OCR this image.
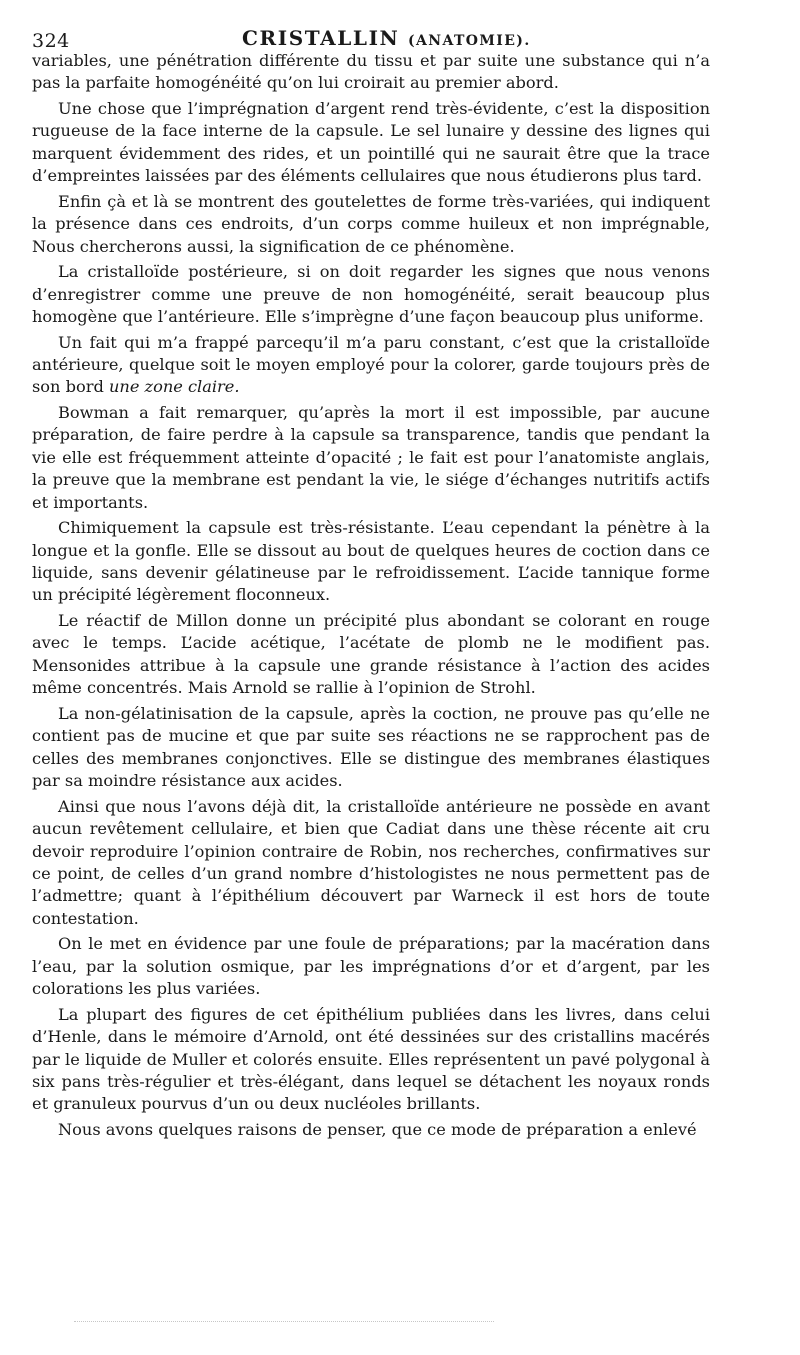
324	CRISTALLIN (ANATOMIE).

variables, une pénétration différente du tissu et par suite une substance qui n’a pas la parfaite homogénéité qu’on lui croirait au premier abord.

Une chose que l’imprégnation d’argent rend très-évidente, c’est la disposition rugueuse de la face interne de la capsule. Le sel lunaire y dessine des lignes qui marquent évidemment des rides, et un pointillé qui ne saurait être que la trace d’empreintes laissées par des éléments cellulaires que nous étudierons plus tard.

Enfin çà et là se montrent des goutelettes de forme très-variées, qui indiquent la présence dans ces endroits, d’un corps comme huileux et non imprégnable, Nous chercherons aussi, la signification de ce phénomène.

La cristalloïde postérieure, si on doit regarder les signes que nous venons d’enregistrer comme une preuve de non homogénéité, serait beaucoup plus homogène que l’antérieure. Elle s’imprègne d’une façon beaucoup plus uniforme.

Un fait qui m’a frappé parcequ’il m’a paru constant, c’est que la cristalloïde antérieure, quelque soit le moyen employé pour la colorer, garde toujours près de son bord une zone claire.

Bowman a fait remarquer, qu’après la mort il est impossible, par aucune préparation, de faire perdre à la capsule sa transparence, tandis que pendant la vie elle est fréquemment atteinte d’opacité ; le fait est pour l’anatomiste anglais, la preuve que la membrane est pendant la vie, le siége d’échanges nutritifs actifs et importants.

Chimiquement la capsule est très-résistante. L’eau cependant la pénètre à la longue et la gonfle. Elle se dissout au bout de quelques heures de coction dans ce liquide, sans devenir gélatineuse par le refroidissement. L’acide tannique forme un précipité légèrement floconneux.

Le réactif de Millon donne un précipité plus abondant se colorant en rouge avec le temps. L’acide acétique, l’acétate de plomb ne le modifient pas. Mensonides attribue à la capsule une grande résistance à l’action des acides même concentrés. Mais Arnold se rallie à l’opinion de Strohl.

La non-gélatinisation de la capsule, après la coction, ne prouve pas qu’elle ne contient pas de mucine et que par suite ses réactions ne se rapprochent pas de celles des membranes conjonctives. Elle se distingue des membranes élastiques par sa moindre résistance aux acides.

Ainsi que nous l’avons déjà dit, la cristalloïde antérieure ne possède en avant aucun revêtement cellulaire, et bien que Cadiat dans une thèse récente ait cru devoir reproduire l’opinion contraire de Robin, nos recherches, confirmatives sur ce point, de celles d’un grand nombre d’histologistes ne nous permettent pas de l’admettre; quant à l’épithélium découvert par Warneck il est hors de toute contestation.

On le met en évidence par une foule de préparations; par la macération dans l’eau, par la solution osmique, par les imprégnations d’or et d’argent, par les colorations les plus variées.

La plupart des figures de cet épithélium publiées dans les livres, dans celui d’Henle, dans le mémoire d’Arnold, ont été dessinées sur des cristallins macérés par le liquide de Muller et colorés ensuite. Elles représentent un pavé polygonal à six pans très-régulier et très-élégant, dans lequel se détachent les noyaux ronds et granuleux pourvus d’un ou deux nucléoles brillants.

Nous avons quelques raisons de penser, que ce mode de préparation a enlevé
